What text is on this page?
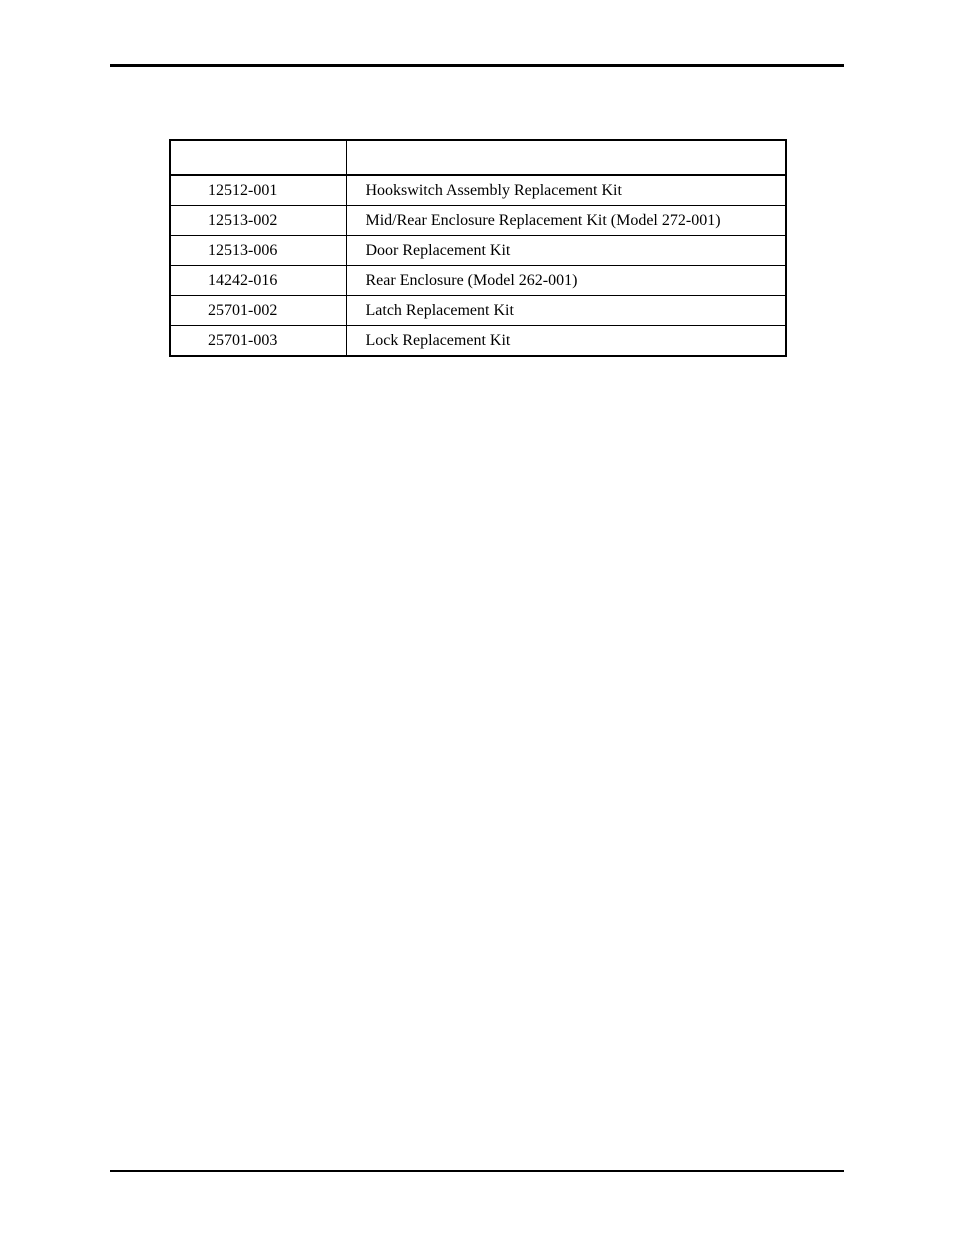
12512-001	Hookswitch Assembly Replacement Kit
12513-002	Mid/Rear Enclosure Replacement Kit (Model 272-001)
12513-006	Door Replacement Kit
14242-016	Rear Enclosure (Model 262-001)
25701-002	Latch Replacement Kit
25701-003	Lock Replacement Kit
